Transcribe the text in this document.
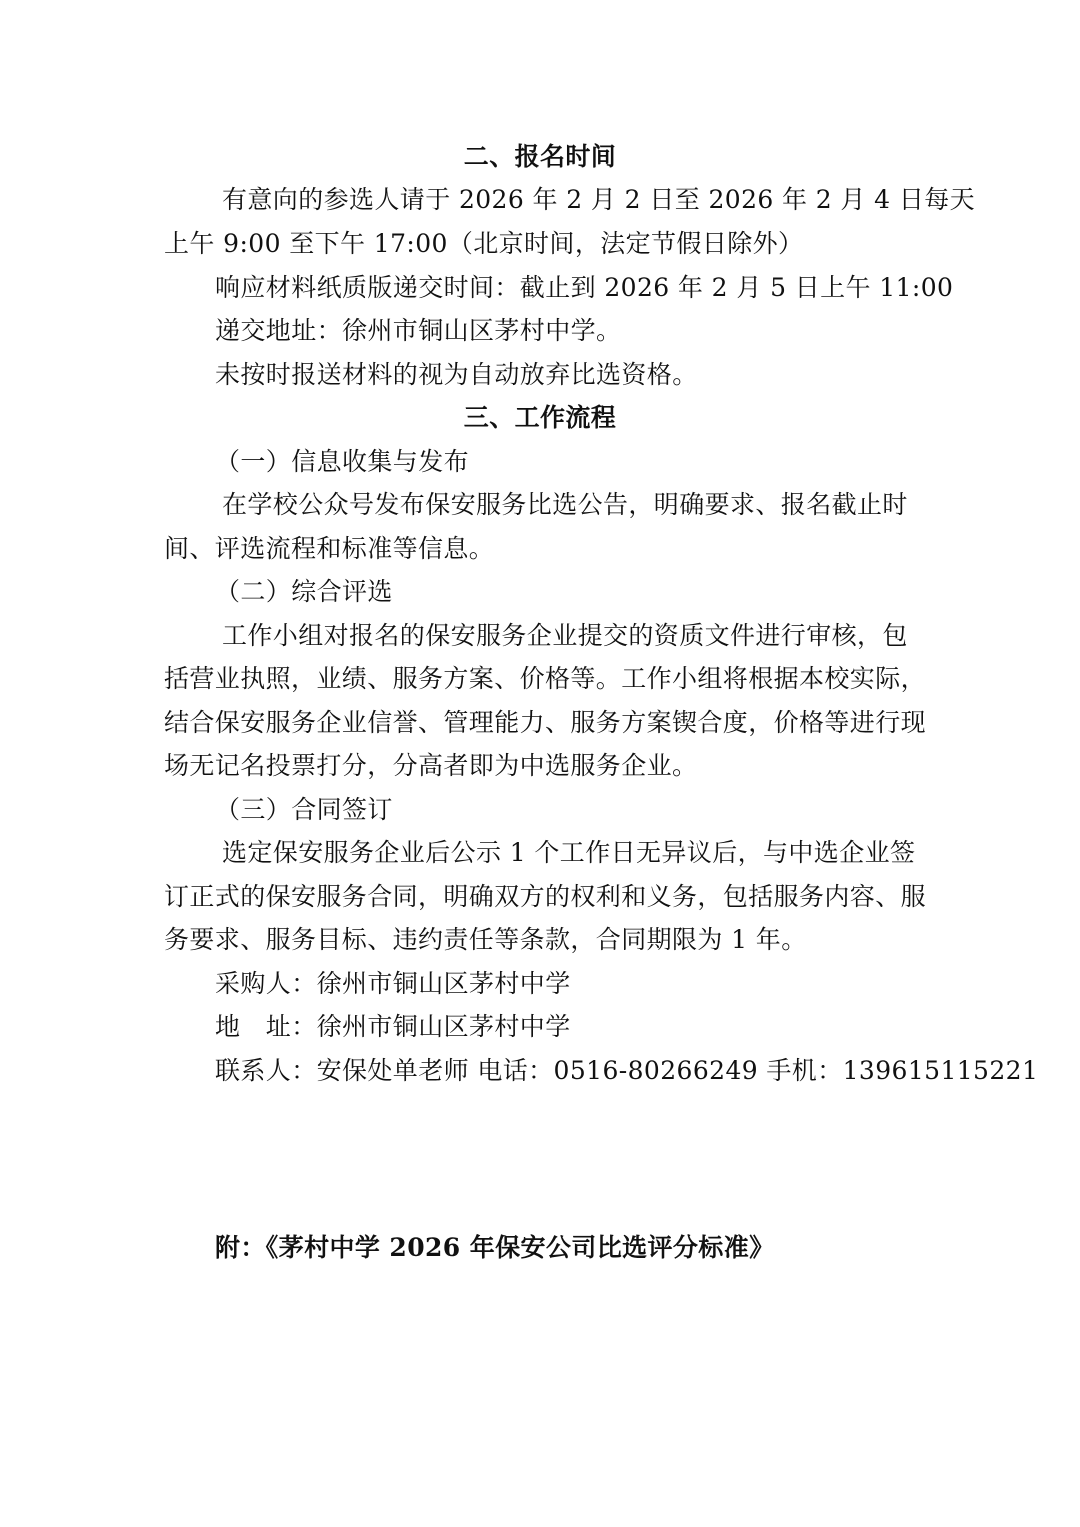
二、报名时间
有意向的参选人请于 2026 年 2 月 2 日至 2026 年 2 月 4 日每天
上午 9:00 至下午 17:00（北京时间，法定节假日除外）
响应材料纸质版递交时间：截止到 2026 年 2 月 5 日上午 11:00
递交地址：徐州市铜山区茅村中学。
未按时报送材料的视为自动放弃比选资格。
三、工作流程
（一）信息收集与发布
在学校公众号发布保安服务比选公告，明确要求、报名截止时
间、评选流程和标准等信息。
（二）综合评选
工作小组对报名的保安服务企业提交的资质文件进行审核，包
括营业执照，业绩、服务方案、价格等。工作小组将根据本校实际，
结合保安服务企业信誉、管理能力、服务方案锲合度，价格等进行现
场无记名投票打分，分高者即为中选服务企业。
（三）合同签订
选定保安服务企业后公示 1 个工作日无异议后，与中选企业签
订正式的保安服务合同，明确双方的权利和义务，包括服务内容、服
务要求、服务目标、违约责任等条款，合同期限为 1 年。
采购人：徐州市铜山区茅村中学
地　址：徐州市铜山区茅村中学
联系人：安保处单老师 电话：0516-80266249 手机：13961511522​1
附：《茅村中学 2026 年保安公司比选评分标准》
